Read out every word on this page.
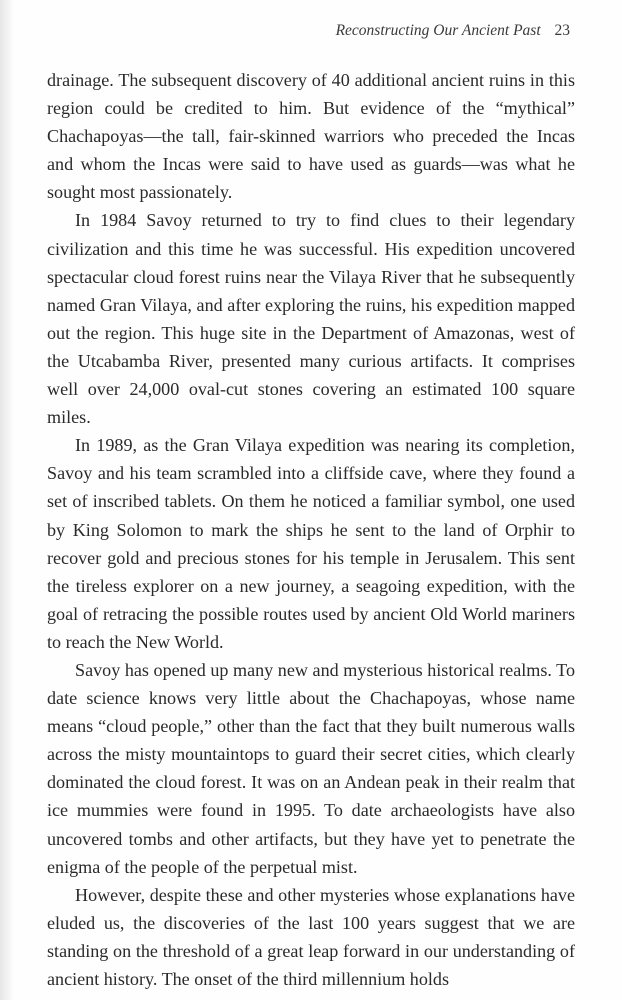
Reconstructing Our Ancient Past 23

drainage. The subsequent discovery of 40 additional ancient ruins in this region could be credited to him. But evidence of the “mythical” Chachapoyas—the tall, fair-skinned warriors who preceded the Incas and whom the Incas were said to have used as guards—was what he sought most passionately.

In 1984 Savoy returned to try to find clues to their legendary civilization and this time he was successful. His expedition uncovered spectacular cloud forest ruins near the Vilaya River that he subsequently named Gran Vilaya, and after exploring the ruins, his expedition mapped out the region. This huge site in the Department of Amazonas, west of the Utcabamba River, presented many curious artifacts. It comprises well over 24,000 oval-cut stones covering an estimated 100 square miles.

In 1989, as the Gran Vilaya expedition was nearing its completion, Savoy and his team scrambled into a cliffside cave, where they found a set of inscribed tablets. On them he noticed a familiar symbol, one used by King Solomon to mark the ships he sent to the land of Orphir to recover gold and precious stones for his temple in Jerusalem. This sent the tireless explorer on a new journey, a seagoing expedition, with the goal of retracing the possible routes used by ancient Old World mariners to reach the New World.

Savoy has opened up many new and mysterious historical realms. To date science knows very little about the Chachapoyas, whose name means “cloud people,” other than the fact that they built numerous walls across the misty mountaintops to guard their secret cities, which clearly dominated the cloud forest. It was on an Andean peak in their realm that ice mummies were found in 1995. To date archaeologists have also uncovered tombs and other artifacts, but they have yet to penetrate the enigma of the people of the perpetual mist.

However, despite these and other mysteries whose explanations have eluded us, the discoveries of the last 100 years suggest that we are standing on the threshold of a great leap forward in our understanding of ancient history. The onset of the third millennium holds
